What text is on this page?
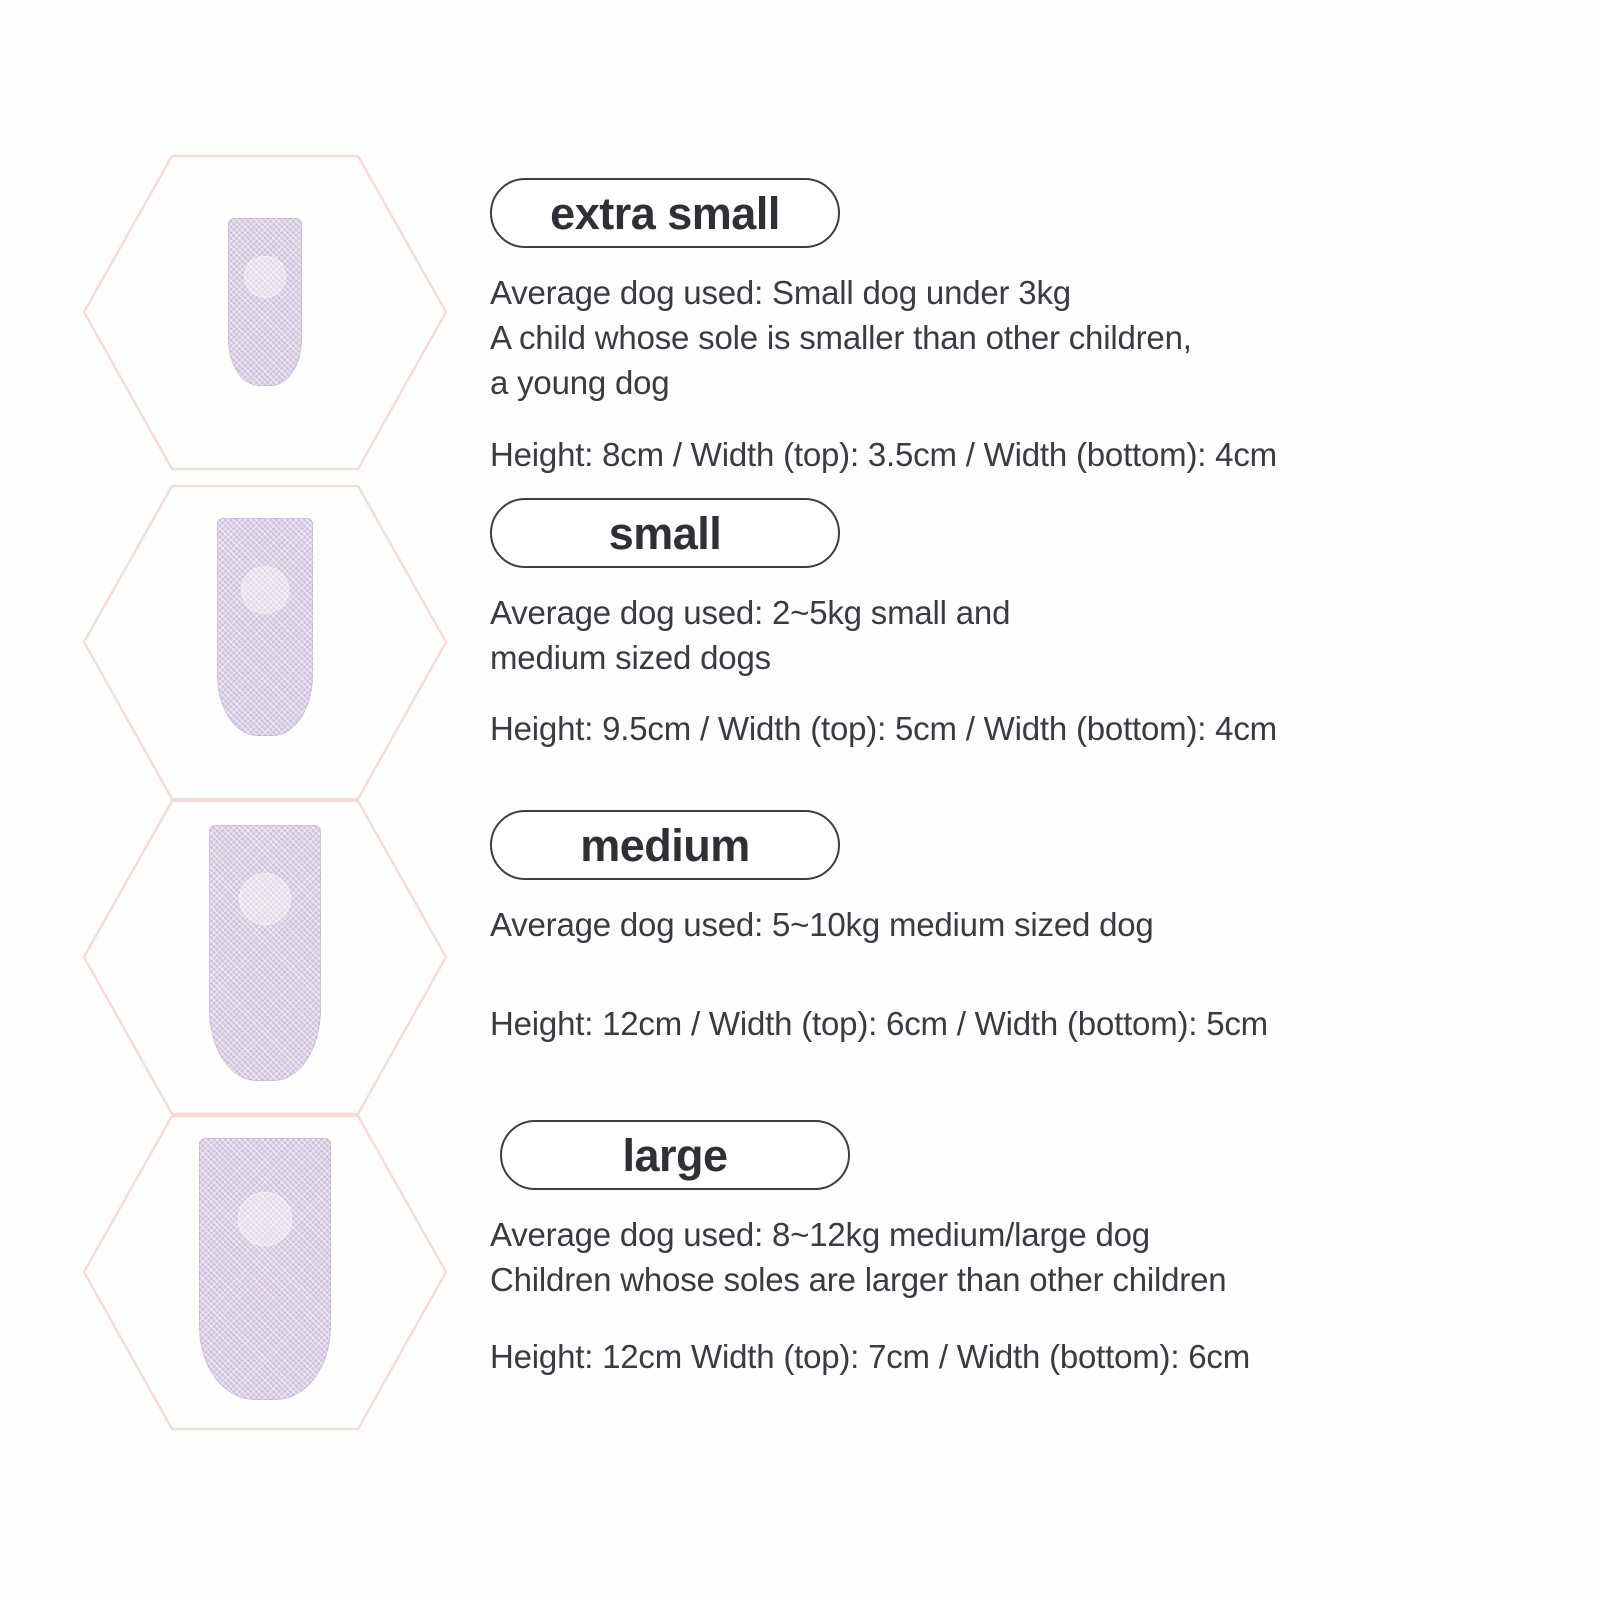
extra small
Average dog used: Small dog under 3kg
A child whose sole is smaller than other children,
a young dog
Height: 8cm / Width (top): 3.5cm / Width (bottom): 4cm
small
Average dog used: 2~5kg small and
medium sized dogs
Height: 9.5cm / Width (top): 5cm / Width (bottom): 4cm
medium
Average dog used: 5~10kg medium sized dog
Height: 12cm / Width (top): 6cm / Width (bottom): 5cm
large
Average dog used: 8~12kg medium/large dog
Children whose soles are larger than other children
Height: 12cm Width (top): 7cm / Width (bottom): 6cm
